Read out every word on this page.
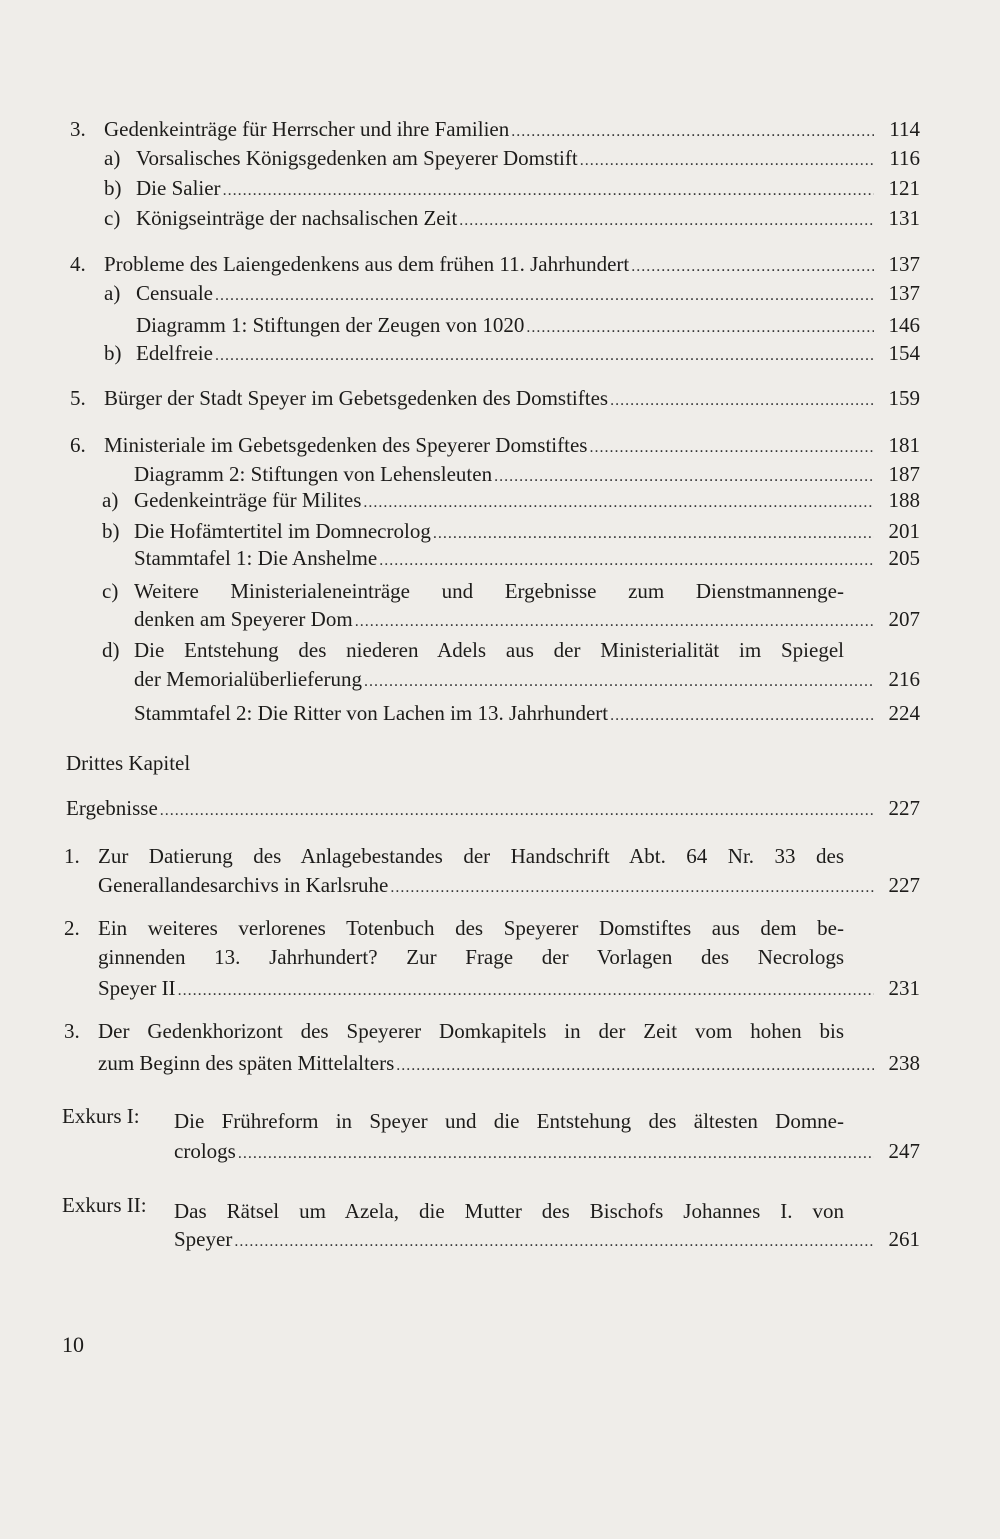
3. Gedenkeinträge für Herrscher und ihre Familien .....	114
a) Vorsalisches Königsgedenken am Speyerer Domstift .....	116
b) Die Salier .....	121
c) Königseinträge der nachsalischen Zeit .....	131
4. Probleme des Laiengedenkens aus dem frühen 11. Jahrhundert .....	137
a) Censuale .....	137
Diagramm 1: Stiftungen der Zeugen von 1020 .....	146
b) Edelfreie .....	154
5. Bürger der Stadt Speyer im Gebetsgedenken des Domstiftes .....	159
6. Ministeriale im Gebetsgedenken des Speyerer Domstiftes .....	181
Diagramm 2: Stiftungen von Lehensleuten .....	187
a) Gedenkeinträge für Milites .....	188
b) Die Hofämtertitel im Domnecrolog .....	201
Stammtafel 1: Die Anshelme .....	205
c) Weitere Ministerialeneinträge und Ergebnisse zum Dienstmannenge-
denken am Speyerer Dom .....	207
d) Die Entstehung des niederen Adels aus der Ministerialität im Spiegel
der Memorialüberlieferung .....	216
Stammtafel 2: Die Ritter von Lachen im 13. Jahrhundert .....	224
Drittes Kapitel
Ergebnisse .....	227
1. Zur Datierung des Anlagebestandes der Handschrift Abt. 64 Nr. 33 des
Generallandesarchivs in Karlsruhe .....	227
2. Ein weiteres verlorenes Totenbuch des Speyerer Domstiftes aus dem be-
ginnenden 13. Jahrhundert? Zur Frage der Vorlagen des Necrologs
Speyer II .....	231
3. Der Gedenkhorizont des Speyerer Domkapitels in der Zeit vom hohen bis
zum Beginn des späten Mittelalters .....	238
Exkurs I: Die Frühreform in Speyer und die Entstehung des ältesten Domne-
crologs .....	247
Exkurs II: Das Rätsel um Azela, die Mutter des Bischofs Johannes I. von
Speyer .....	261
10
